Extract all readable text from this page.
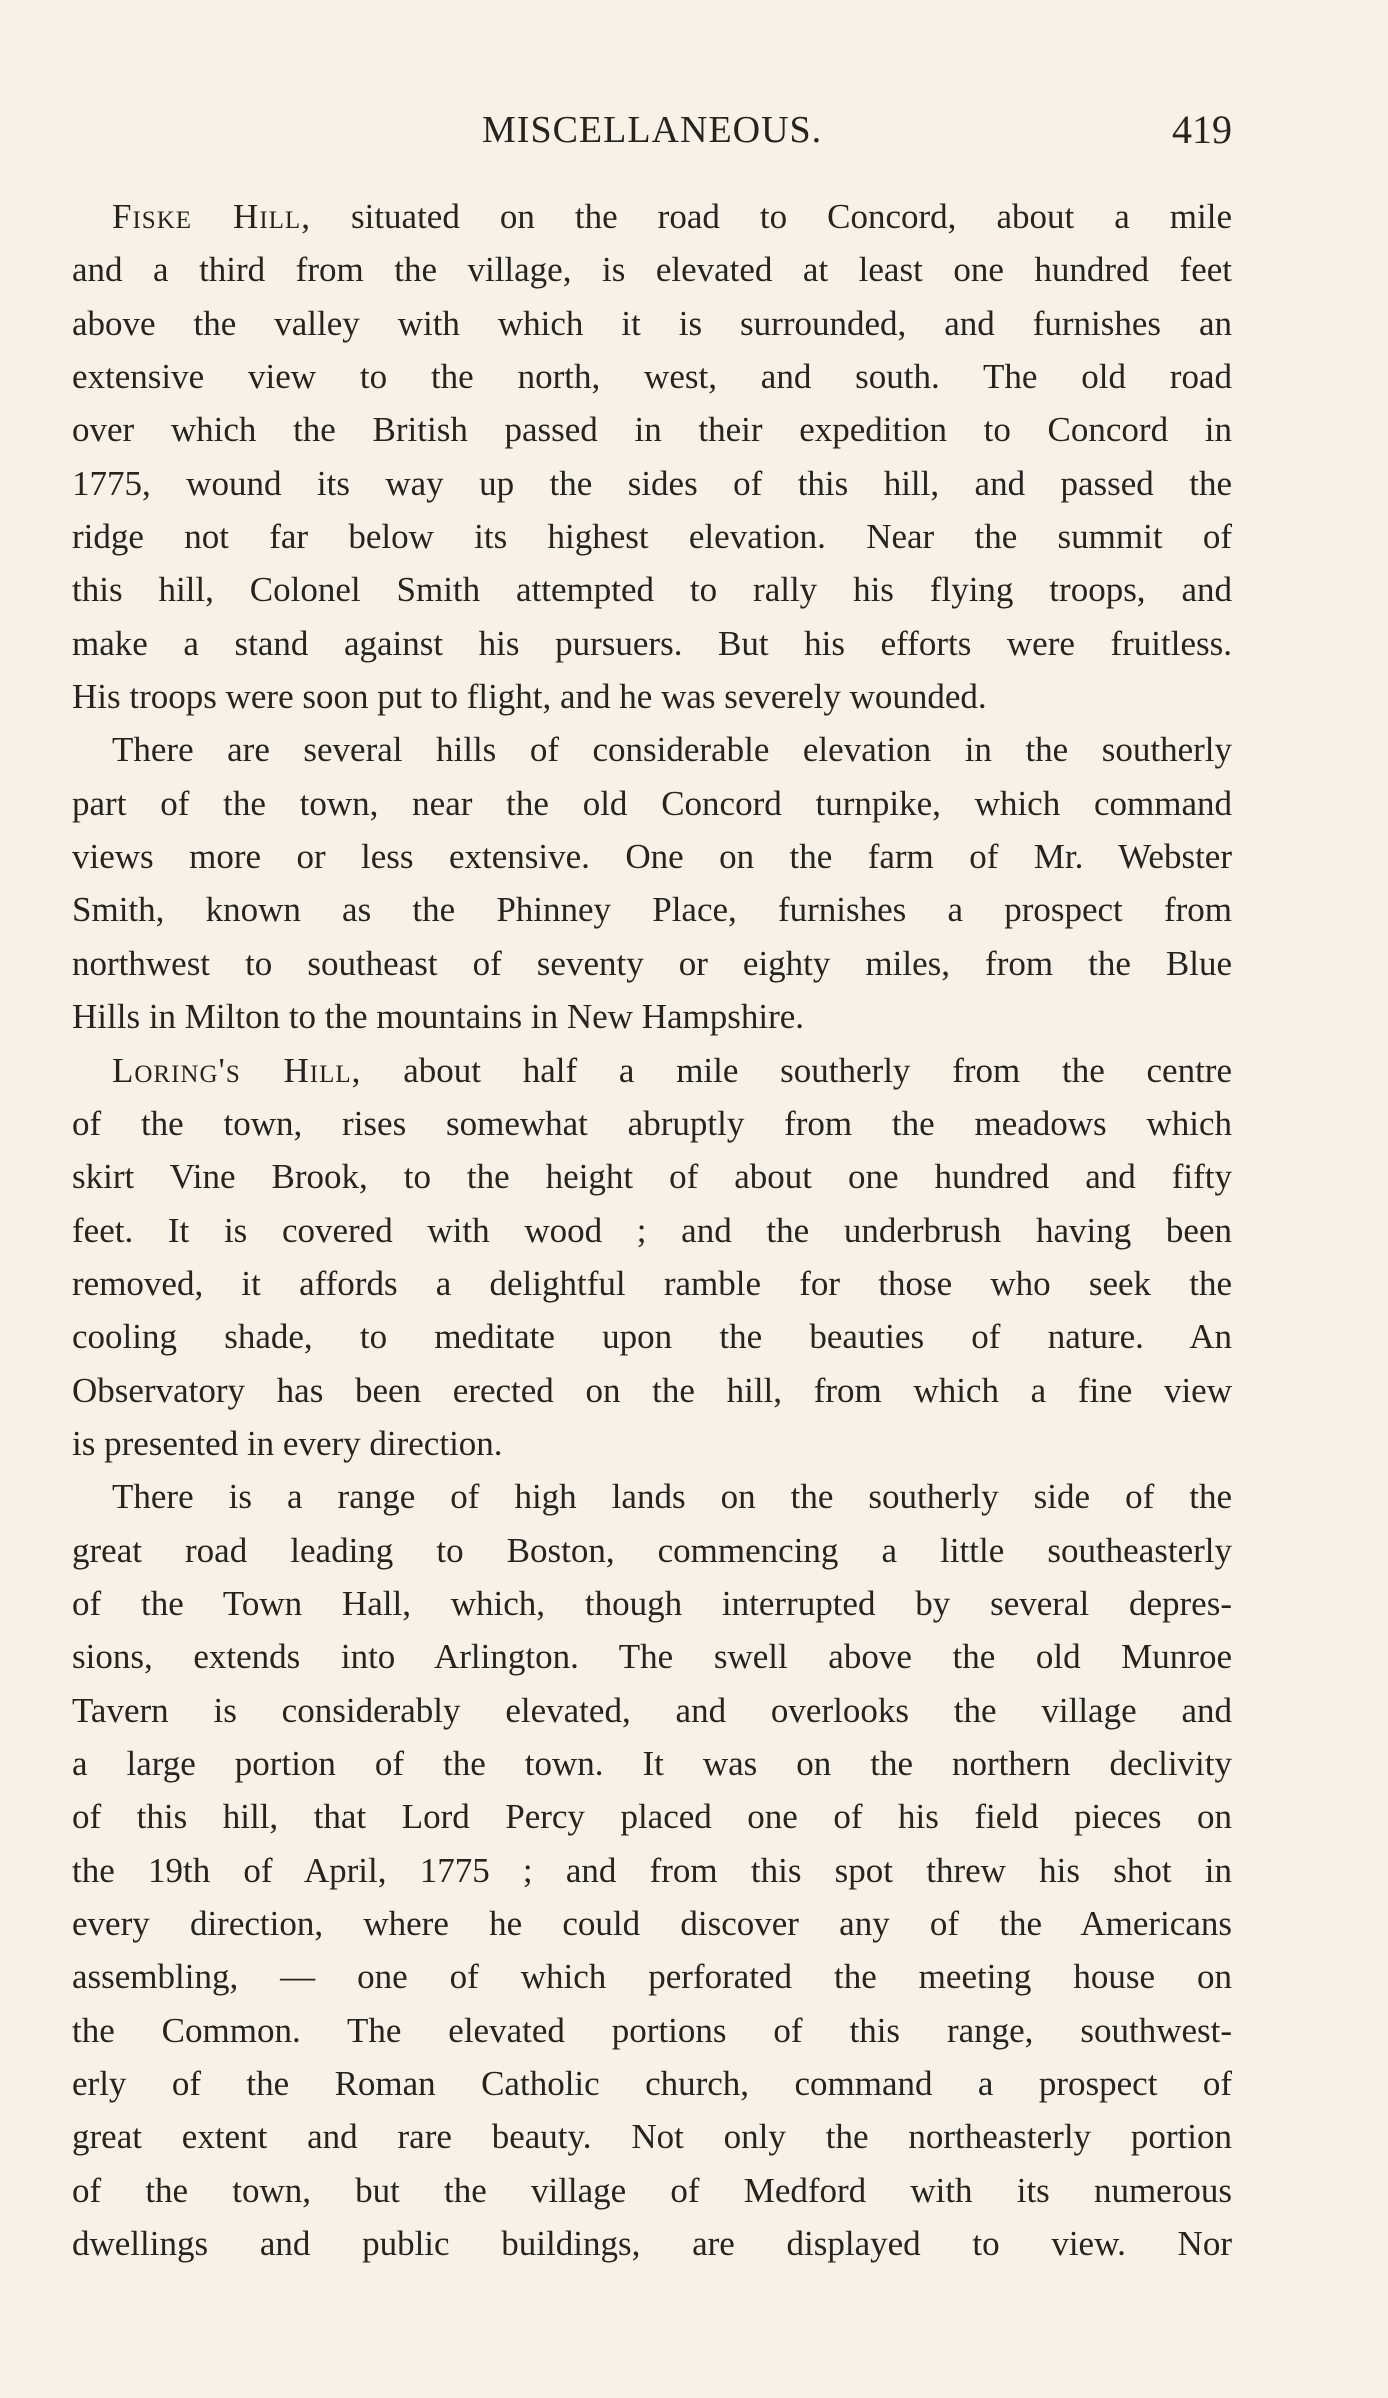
MISCELLANEOUS.	419
Fiske Hill, situated on the road to Concord, about a mile
and a third from the village, is elevated at least one hundred feet
above the valley with which it is surrounded, and furnishes an
extensive view to the north, west, and south. The old road
over which the British passed in their expedition to Concord in
1775, wound its way up the sides of this hill, and passed the
ridge not far below its highest elevation. Near the summit of
this hill, Colonel Smith attempted to rally his flying troops, and
make a stand against his pursuers. But his efforts were fruitless.
His troops were soon put to flight, and he was severely wounded.
There are several hills of considerable elevation in the southerly
part of the town, near the old Concord turnpike, which command
views more or less extensive. One on the farm of Mr. Webster
Smith, known as the Phinney Place, furnishes a prospect from
northwest to southeast of seventy or eighty miles, from the Blue
Hills in Milton to the mountains in New Hampshire.
Loring's Hill, about half a mile southerly from the centre
of the town, rises somewhat abruptly from the meadows which
skirt Vine Brook, to the height of about one hundred and fifty
feet. It is covered with wood ; and the underbrush having been
removed, it affords a delightful ramble for those who seek the
cooling shade, to meditate upon the beauties of nature. An
Observatory has been erected on the hill, from which a fine view
is presented in every direction.
There is a range of high lands on the southerly side of the
great road leading to Boston, commencing a little southeasterly
of the Town Hall, which, though interrupted by several depres-
sions, extends into Arlington. The swell above the old Munroe
Tavern is considerably elevated, and overlooks the village and
a large portion of the town. It was on the northern declivity
of this hill, that Lord Percy placed one of his field pieces on
the 19th of April, 1775 ; and from this spot threw his shot in
every direction, where he could discover any of the Americans
assembling, — one of which perforated the meeting house on
the Common. The elevated portions of this range, southwest-
erly of the Roman Catholic church, command a prospect of
great extent and rare beauty. Not only the northeasterly portion
of the town, but the village of Medford with its numerous
dwellings and public buildings, are displayed to view. Nor
